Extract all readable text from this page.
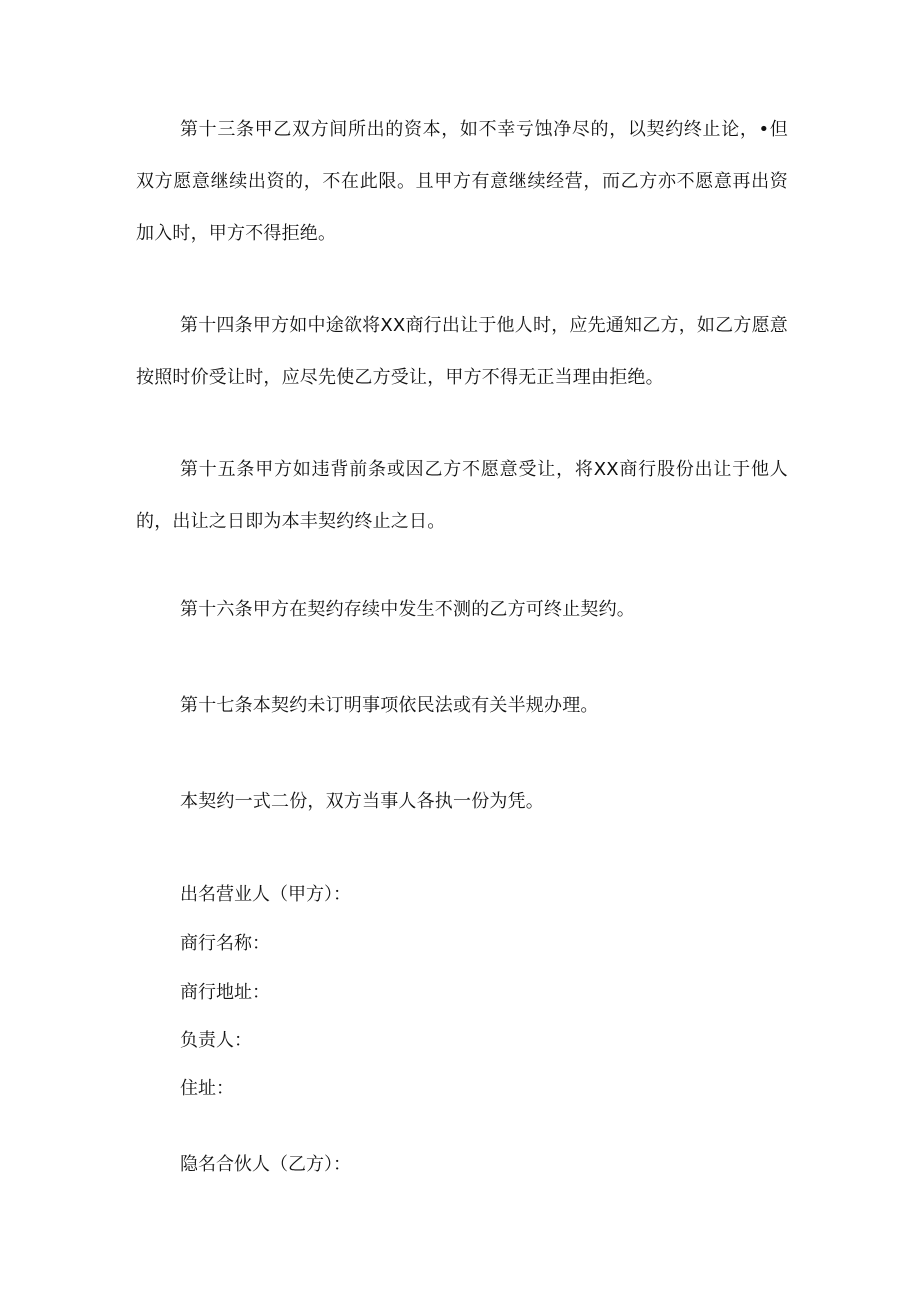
第十三条甲乙双方间所出的资本，如不幸亏蚀净尽的，以契约终止论，•但双方愿意继续出资的，不在此限。且甲方有意继续经营，而乙方亦不愿意再出资加入时，甲方不得拒绝。

第十四条甲方如中途欲将XX商行出让于他人时，应先通知乙方，如乙方愿意按照时价受让时，应尽先使乙方受让，甲方不得无正当理由拒绝。

第十五条甲方如违背前条或因乙方不愿意受让，将XX商行股份出让于他人的，出让之日即为本丰契约终止之日。

第十六条甲方在契约存续中发生不测的乙方可终止契约。

第十七条本契约未订明事项依民法或有关半规办理。

本契约一式二份，双方当事人各执一份为凭。

出名营业人（甲方）：

商行名称：

商行地址：

负责人：

住址：

隐名合伙人（乙方）：
